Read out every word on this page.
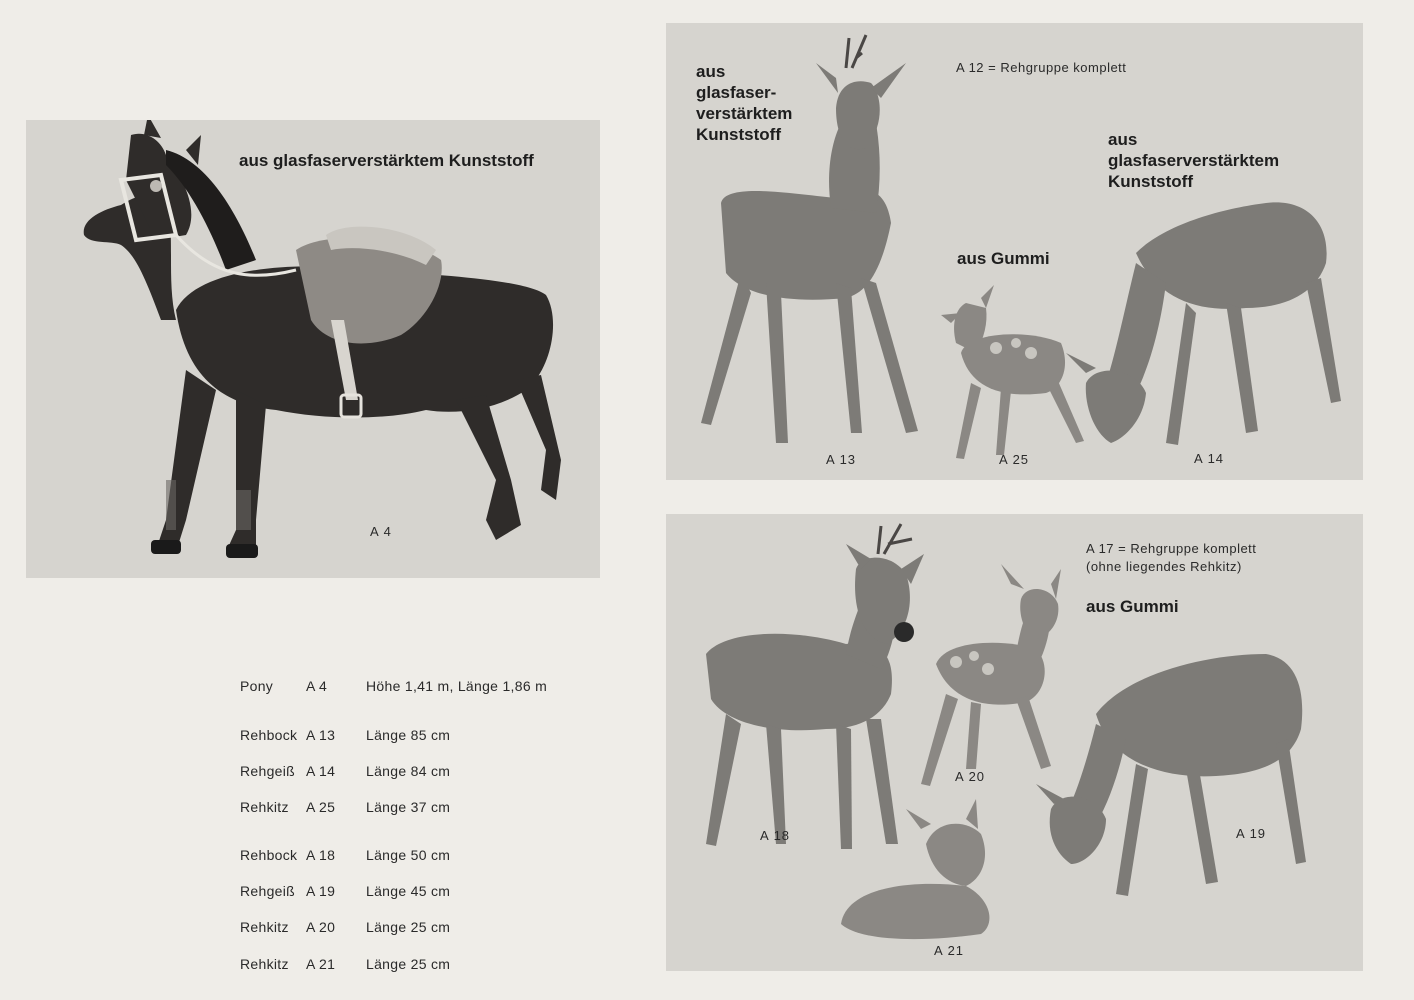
aus glasfaserverstärktem Kunststoff
A 4
aus
glasfaser-
verstärktem
Kunststoff
A 12 = Rehgruppe komplett
aus Gummi
aus
glasfaserverstärktem
Kunststoff
A 13	A 25	A 14
A 17 = Rehgruppe komplett
(ohne liegendes Rehkitz)
aus Gummi
A 18
A 20
A 21
A 19
Pony A 4	Höhe 1,41 m, Länge 1,86 m
Rehbock A 13 Länge 85 cm
Rehgeiß A 14 Länge 84 cm
Rehkitz A 25 Länge 37 cm
Rehbock A 18 Länge 50 cm
Rehgeiß A 19 Länge 45 cm
Rehkitz A 20 Länge 25 cm
Rehkitz A 21 Länge 25 cm
